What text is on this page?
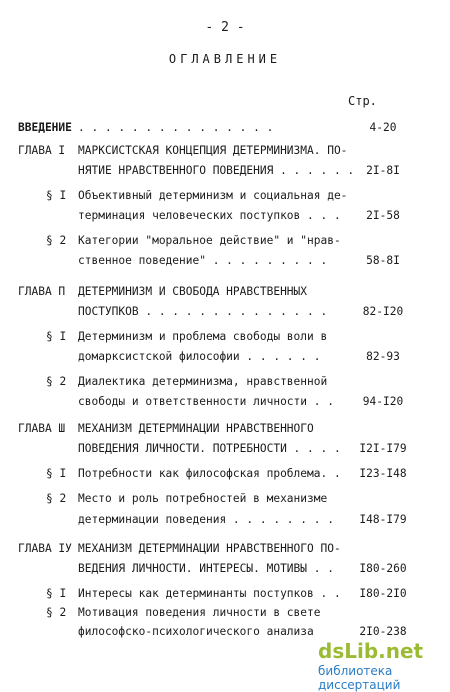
- 2 -
ОГЛАВЛЕНИЕ
Стр.
ВВЕДЕНИЕ . . . . . . . . . . . . . . .	4-20
ГЛАВА I МАРКСИСТСКАЯ КОНЦЕПЦИЯ ДЕТЕРМИНИЗМА. ПО-
НЯТИЕ НРАВСТВЕННОГО ПОВЕДЕНИЯ . . . . . .	2I-8I
§ I Объективный детерминизм и социальная де-
терминация человеческих поступков . . .	2I-58
§ 2 Категории "моральное действие" и "нрав-
ственное поведение" . . . . . . . . .	58-8I
ГЛАВА П ДЕТЕРМИНИЗМ И СВОБОДА НРАВСТВЕННЫХ
ПОСТУПКОВ . . . . . . . . . . . . . .	82-I20
§ I Детерминизм и проблема свободы воли в
домарксистской философии . . . . . .	82-93
§ 2 Диалектика детерминизма, нравственной
свободы и ответственности личности . .	94-I20
ГЛАВА Ш МЕХАНИЗМ ДЕТЕРМИНАЦИИ НРАВСТВЕННОГО
ПОВЕДЕНИЯ ЛИЧНОСТИ. ПОТРЕБНОСТИ . . . .	I2I-I79
§ I Потребности как философская проблема. .	I23-I48
§ 2 Место и роль потребностей в механизме
детерминации поведения . . . . . . . .	I48-I79
ГЛАВА IУ МЕХАНИЗМ ДЕТЕРМИНАЦИИ НРАВСТВЕННОГО ПО-
ВЕДЕНИЯ ЛИЧНОСТИ. ИНТЕРЕСЫ. МОТИВЫ . .	I80-260
§ I Интересы как детерминанты поступков . .	I80-2I0
§ 2 Мотивация поведения личности в свете
философско-психологического анализа	2I0-238
dsLib.net
библиотека диссертаций
